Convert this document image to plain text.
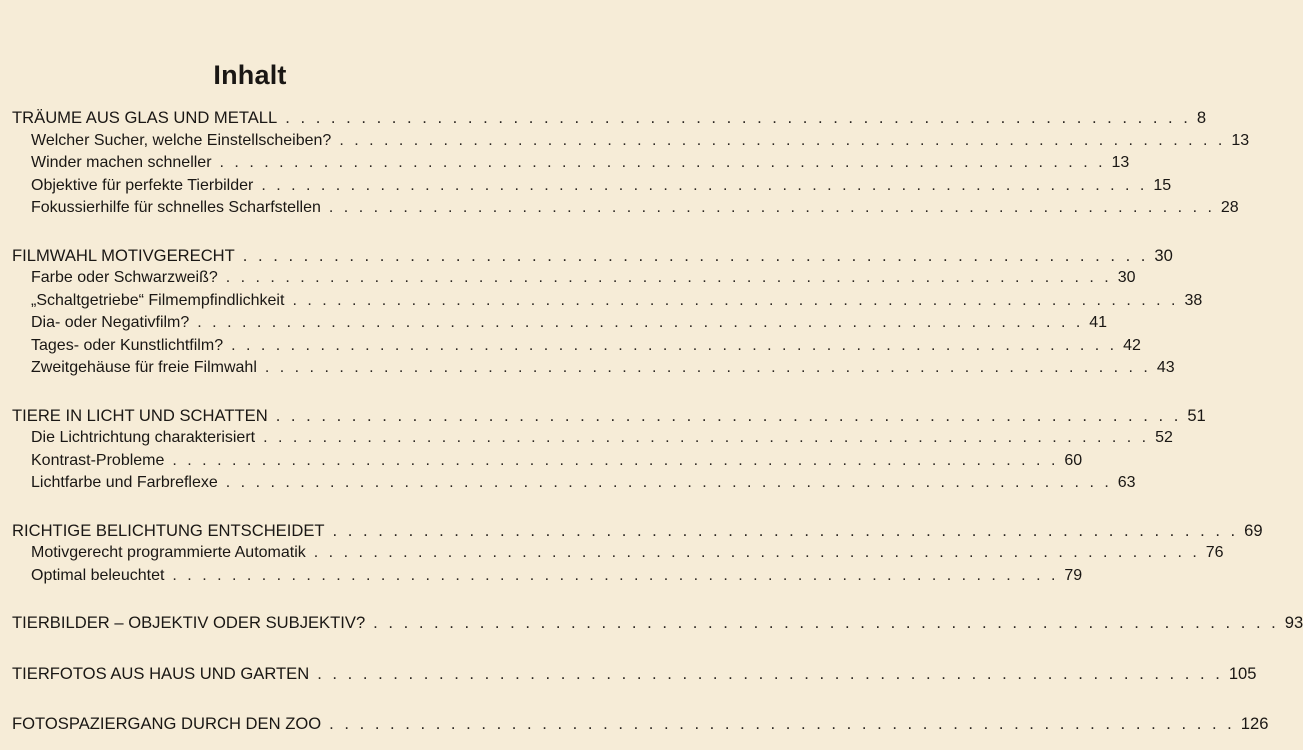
Inhalt
TRÄUME AUS GLAS UND METALL . . . . . . . . . . . . . . . . . . . . . . . . . . . . . . . . . . . . . . . . . . . . . . . . . . . . . . . . . . . . 8
Welcher Sucher, welche Einstellscheiben? . . . . . . . . . . . . . . . . . . . . . . . . . . . . . . . . . . . . . . . . . . . . . . . . . . . . . . . . . . . . 13
Winder machen schneller . . . . . . . . . . . . . . . . . . . . . . . . . . . . . . . . . . . . . . . . . . . . . . . . . . . . . . . . . . . . 13
Objektive für perfekte Tierbilder . . . . . . . . . . . . . . . . . . . . . . . . . . . . . . . . . . . . . . . . . . . . . . . . . . . . . . . . . . . . 15
Fokussierhilfe für schnelles Scharfstellen . . . . . . . . . . . . . . . . . . . . . . . . . . . . . . . . . . . . . . . . . . . . . . . . . . . . . . . . . . . . 28
FILMWAHL MOTIVGERECHT . . . . . . . . . . . . . . . . . . . . . . . . . . . . . . . . . . . . . . . . . . . . . . . . . . . . . . . . . . . . 30
Farbe oder Schwarzweiß? . . . . . . . . . . . . . . . . . . . . . . . . . . . . . . . . . . . . . . . . . . . . . . . . . . . . . . . . . . . . 30
„Schaltgetriebe“ Filmempfindlichkeit . . . . . . . . . . . . . . . . . . . . . . . . . . . . . . . . . . . . . . . . . . . . . . . . . . . . . . . . . . . . 38
Dia- oder Negativfilm? . . . . . . . . . . . . . . . . . . . . . . . . . . . . . . . . . . . . . . . . . . . . . . . . . . . . . . . . . . . . 41
Tages- oder Kunstlichtfilm? . . . . . . . . . . . . . . . . . . . . . . . . . . . . . . . . . . . . . . . . . . . . . . . . . . . . . . . . . . . . 42
Zweitgehäuse für freie Filmwahl . . . . . . . . . . . . . . . . . . . . . . . . . . . . . . . . . . . . . . . . . . . . . . . . . . . . . . . . . . . . 43
TIERE IN LICHT UND SCHATTEN . . . . . . . . . . . . . . . . . . . . . . . . . . . . . . . . . . . . . . . . . . . . . . . . . . . . . . . . . . . . 51
Die Lichtrichtung charakterisiert . . . . . . . . . . . . . . . . . . . . . . . . . . . . . . . . . . . . . . . . . . . . . . . . . . . . . . . . . . . . 52
Kontrast-Probleme . . . . . . . . . . . . . . . . . . . . . . . . . . . . . . . . . . . . . . . . . . . . . . . . . . . . . . . . . . . . 60
Lichtfarbe und Farbreflexe . . . . . . . . . . . . . . . . . . . . . . . . . . . . . . . . . . . . . . . . . . . . . . . . . . . . . . . . . . . . 63
RICHTIGE BELICHTUNG ENTSCHEIDET . . . . . . . . . . . . . . . . . . . . . . . . . . . . . . . . . . . . . . . . . . . . . . . . . . . . . . . . . . . . 69
Motivgerecht programmierte Automatik . . . . . . . . . . . . . . . . . . . . . . . . . . . . . . . . . . . . . . . . . . . . . . . . . . . . . . . . . . . . 76
Optimal beleuchtet . . . . . . . . . . . . . . . . . . . . . . . . . . . . . . . . . . . . . . . . . . . . . . . . . . . . . . . . . . . . 79
TIERBILDER – OBJEKTIV ODER SUBJEKTIV? . . . . . . . . . . . . . . . . . . . . . . . . . . . . . . . . . . . . . . . . . . . . . . . . . . . . . . . . . . . . 93
TIERFOTOS AUS HAUS UND GARTEN . . . . . . . . . . . . . . . . . . . . . . . . . . . . . . . . . . . . . . . . . . . . . . . . . . . . . . . . . . . . 105
FOTOSPAZIERGANG DURCH DEN ZOO . . . . . . . . . . . . . . . . . . . . . . . . . . . . . . . . . . . . . . . . . . . . . . . . . . . . . . . . . . . . 126
